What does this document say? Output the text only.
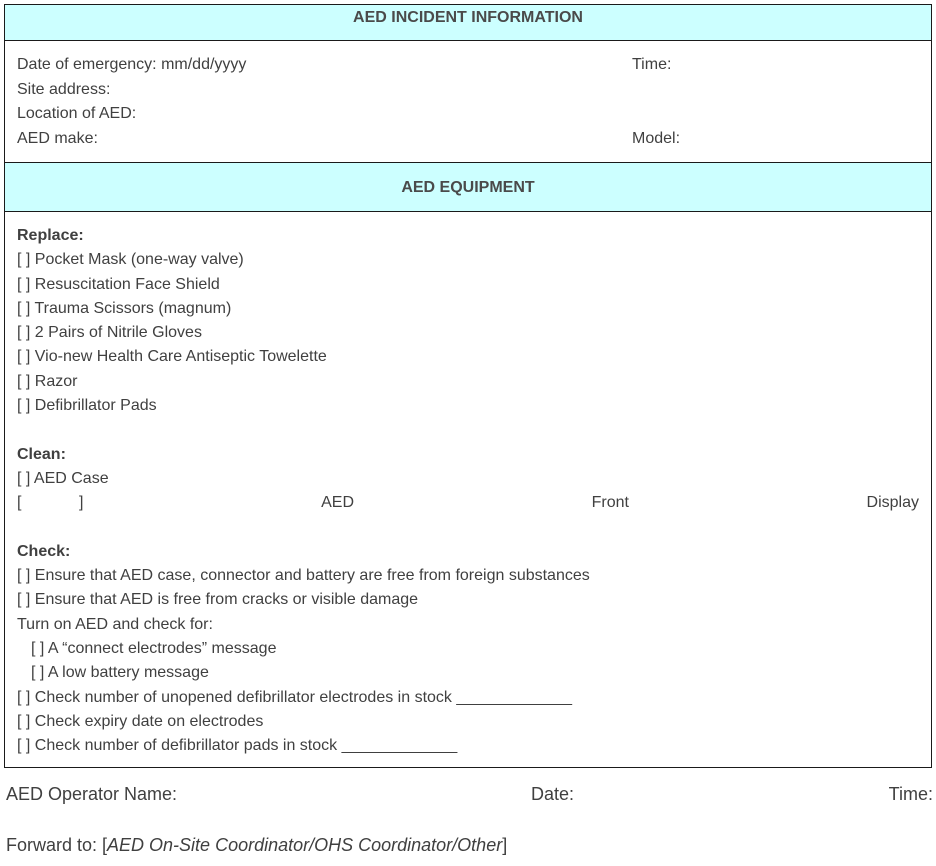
AED INCIDENT INFORMATION
Date of emergency: mm/dd/yyyy	Time:
Site address:
Location of AED:
AED make:	Model:
AED EQUIPMENT
Replace:
[ ] Pocket Mask (one-way valve)
[ ] Resuscitation Face Shield
[ ] Trauma Scissors (magnum)
[ ] 2 Pairs of Nitrile Gloves
[ ] Vio-new Health Care Antiseptic Towelette
[ ] Razor
[ ] Defibrillator Pads
Clean:
[ ] AED Case
[	]	AED	Front	Display
Check:
[ ] Ensure that AED case, connector and battery are free from foreign substances
[ ] Ensure that AED is free from cracks or visible damage
Turn on AED and check for:
[ ] A “connect electrodes” message
[ ] A low battery message
[ ] Check number of unopened defibrillator electrodes in stock _____________
[ ] Check expiry date on electrodes
[ ] Check number of defibrillator pads in stock _____________
AED Operator Name:	Date:	Time:
Forward to: [AED On-Site Coordinator/OHS Coordinator/Other]
